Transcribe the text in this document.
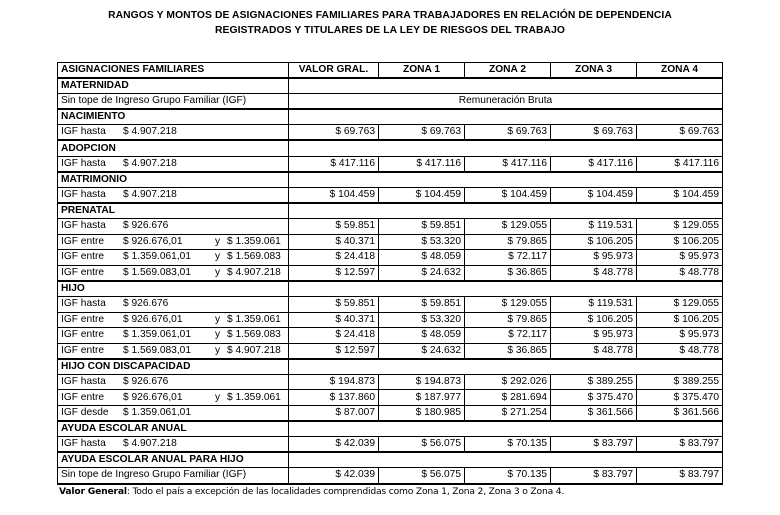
RANGOS Y MONTOS DE ASIGNACIONES FAMILIARES PARA TRABAJADORES EN RELACIÓN DE DEPENDENCIA
REGISTRADOS Y TITULARES DE LA LEY DE RIESGOS DEL TRABAJO
ASIGNACIONES FAMILIARES	VALOR GRAL.	ZONA 1	ZONA 2	ZONA 3	ZONA 4
MATERNIDAD					
Sin tope de Ingreso Grupo Familiar (IGF)	Remuneración Bruta				
NACIMIENTO					

IGF hasta $ 4.907.218	$ 69.763	$ 69.763	$ 69.763	$ 69.763	$ 69.763
ADOPCION					

IGF hasta $ 4.907.218	$ 417.116	$ 417.116	$ 417.116	$ 417.116	$ 417.116
MATRIMONIO					

IGF hasta $ 4.907.218	$ 104.459	$ 104.459	$ 104.459	$ 104.459	$ 104.459
PRENATAL					

IGF hasta $ 926.676	$ 59.851	$ 59.851	$ 129.055	$ 119.531	$ 129.055

IGF entre $ 926.676,01 y $ 1.359.061	$ 40.371	$ 53.320	$ 79.865	$ 106.205	$ 106.205

IGF entre $ 1.359.061,01 y $ 1.569.083	$ 24.418	$ 48.059	$ 72.117	$ 95.973	$ 95.973

IGF entre $ 1.569.083,01 y $ 4.907.218	$ 12.597	$ 24.632	$ 36.865	$ 48.778	$ 48.778
HIJO					

IGF hasta $ 926.676	$ 59.851	$ 59.851	$ 129.055	$ 119.531	$ 129.055

IGF entre $ 926.676,01 y $ 1.359.061	$ 40.371	$ 53.320	$ 79.865	$ 106.205	$ 106.205

IGF entre $ 1.359.061,01 y $ 1.569.083	$ 24.418	$ 48.059	$ 72.117	$ 95.973	$ 95.973

IGF entre $ 1.569.083,01 y $ 4.907.218	$ 12.597	$ 24.632	$ 36.865	$ 48.778	$ 48.778
HIJO CON DISCAPACIDAD					

IGF hasta $ 926.676	$ 194.873	$ 194.873	$ 292.026	$ 389.255	$ 389.255

IGF entre $ 926.676,01 y $ 1.359.061	$ 137.860	$ 187.977	$ 281.694	$ 375.470	$ 375.470

IGF desde $ 1.359.061,01	$ 87.007	$ 180.985	$ 271.254	$ 361.566	$ 361.566
AYUDA ESCOLAR ANUAL					

IGF hasta $ 4.907.218	$ 42.039	$ 56.075	$ 70.135	$ 83.797	$ 83.797
AYUDA ESCOLAR ANUAL PARA HIJO					
Sin tope de Ingreso Grupo Familiar (IGF)	$ 42.039	$ 56.075	$ 70.135	$ 83.797	$ 83.797
Valor General: Todo el país a excepción de las localidades comprendidas como Zona 1, Zona 2, Zona 3 o Zona 4.
